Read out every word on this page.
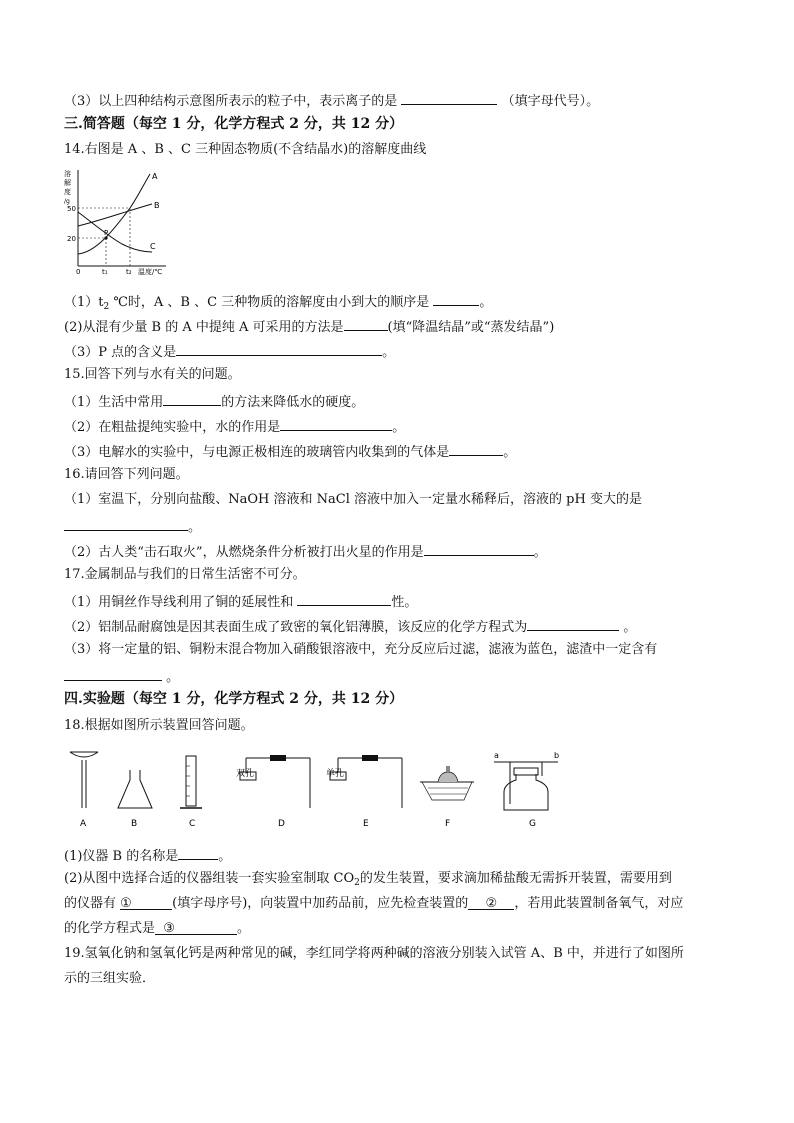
（3）以上四种结构示意图所表示的粒子中，表示离子的是	（填字母代号）。
三.简答题（每空 1 分，化学方程式 2 分，共 12 分）
14.右图是 A 、B 、C 三种固态物质(不含结晶水)的溶解度曲线
溶
解
度
/g
50
20
0	t₁	t₂ 温度/℃
A
B
C
P
$(1)t_2$ ℃时，A 、B 、C 三种物质的溶解度由小到大的顺序是	。
(2)从混有少量 B 的 A 中提纯 A 可采用的方法是	(填“降温结晶”或“蒸发结晶”)
（3）P 点的含义是	。
15.回答下列与水有关的问题。
（1）生活中常用	的方法来降低水的硬度。
（2）在粗盐提纯实验中，水的作用是	。
（3）电解水的实验中，与电源正极相连的玻璃管内收集到的气体是	。
16.请回答下列问题。
（1）室温下，分别向盐酸、NaOH 溶液和 NaCl 溶液中加入一定量水稀释后，溶液的 pH 变大的是
。
（2）古人类“击石取火”，从燃烧条件分析被打出火星的作用是	。
17.金属制品与我们的日常生活密不可分。
（1）用铜丝作导线利用了铜的延展性和	性。
（2）铝制品耐腐蚀是因其表面生成了致密的氧化铝薄膜，该反应的化学方程式为	。
（3）将一定量的铝、铜粉末混合物加入硝酸银溶液中，充分反应后过滤，滤液为蓝色，滤渣中一定含有
。
四.实验题（每空 1 分，化学方程式 2 分，共 12 分）
18.根据如图所示装置回答问题。
a	b
双孔	单孔
A	B	C	D	E	F	G
(1)仪器 B 的名称是	。
(2)从图中选择合适的仪器组装一套实验室制取 $CO_2$的发生装置，要求滴加稀盐酸无需拆开装置，需要用到
的仪器有 ①	(填字母序号)，向装置中加药品前，应先检查装置的 ② ，若用此装置制备氧气，对应
的化学方程式是 ③	。
19.氢氧化钠和氢氧化钙是两种常见的碱，李红同学将两种碱的溶液分别装入试管 A、B 中，并进行了如图所
示的三组实验．
